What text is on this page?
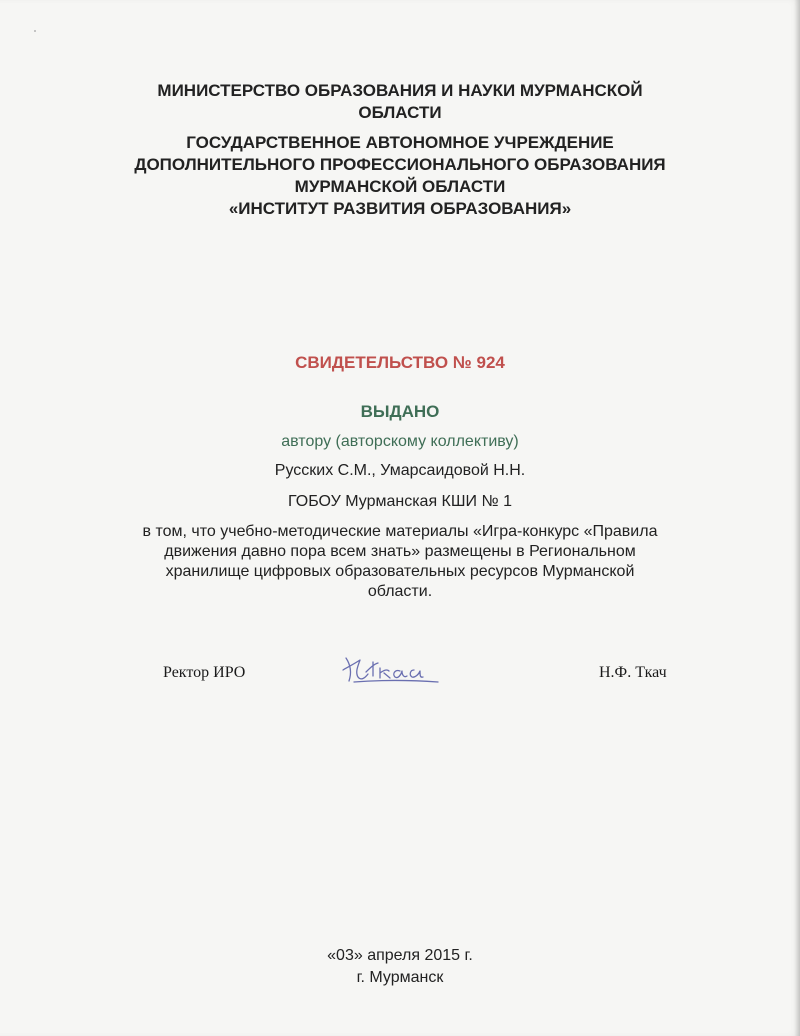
МИНИСТЕРСТВО ОБРАЗОВАНИЯ И НАУКИ МУРМАНСКОЙ
ОБЛАСТИ
ГОСУДАРСТВЕННОЕ АВТОНОМНОЕ УЧРЕЖДЕНИЕ
ДОПОЛНИТЕЛЬНОГО ПРОФЕССИОНАЛЬНОГО ОБРАЗОВАНИЯ
МУРМАНСКОЙ ОБЛАСТИ
«ИНСТИТУТ РАЗВИТИЯ ОБРАЗОВАНИЯ»
СВИДЕТЕЛЬСТВО № 924
ВЫДАНО
автору (авторскому коллективу)
Русских С.М., Умарсаидовой Н.Н.
ГОБОУ Мурманская КШИ № 1
в том, что учебно-методические материалы «Игра-конкурс «Правила
движения давно пора всем знать» размещены в Региональном
хранилище цифровых образовательных ресурсов Мурманской
области.
Ректор ИРО	Н.Ф. Ткач
«03» апреля 2015 г.
г. Мурманск
